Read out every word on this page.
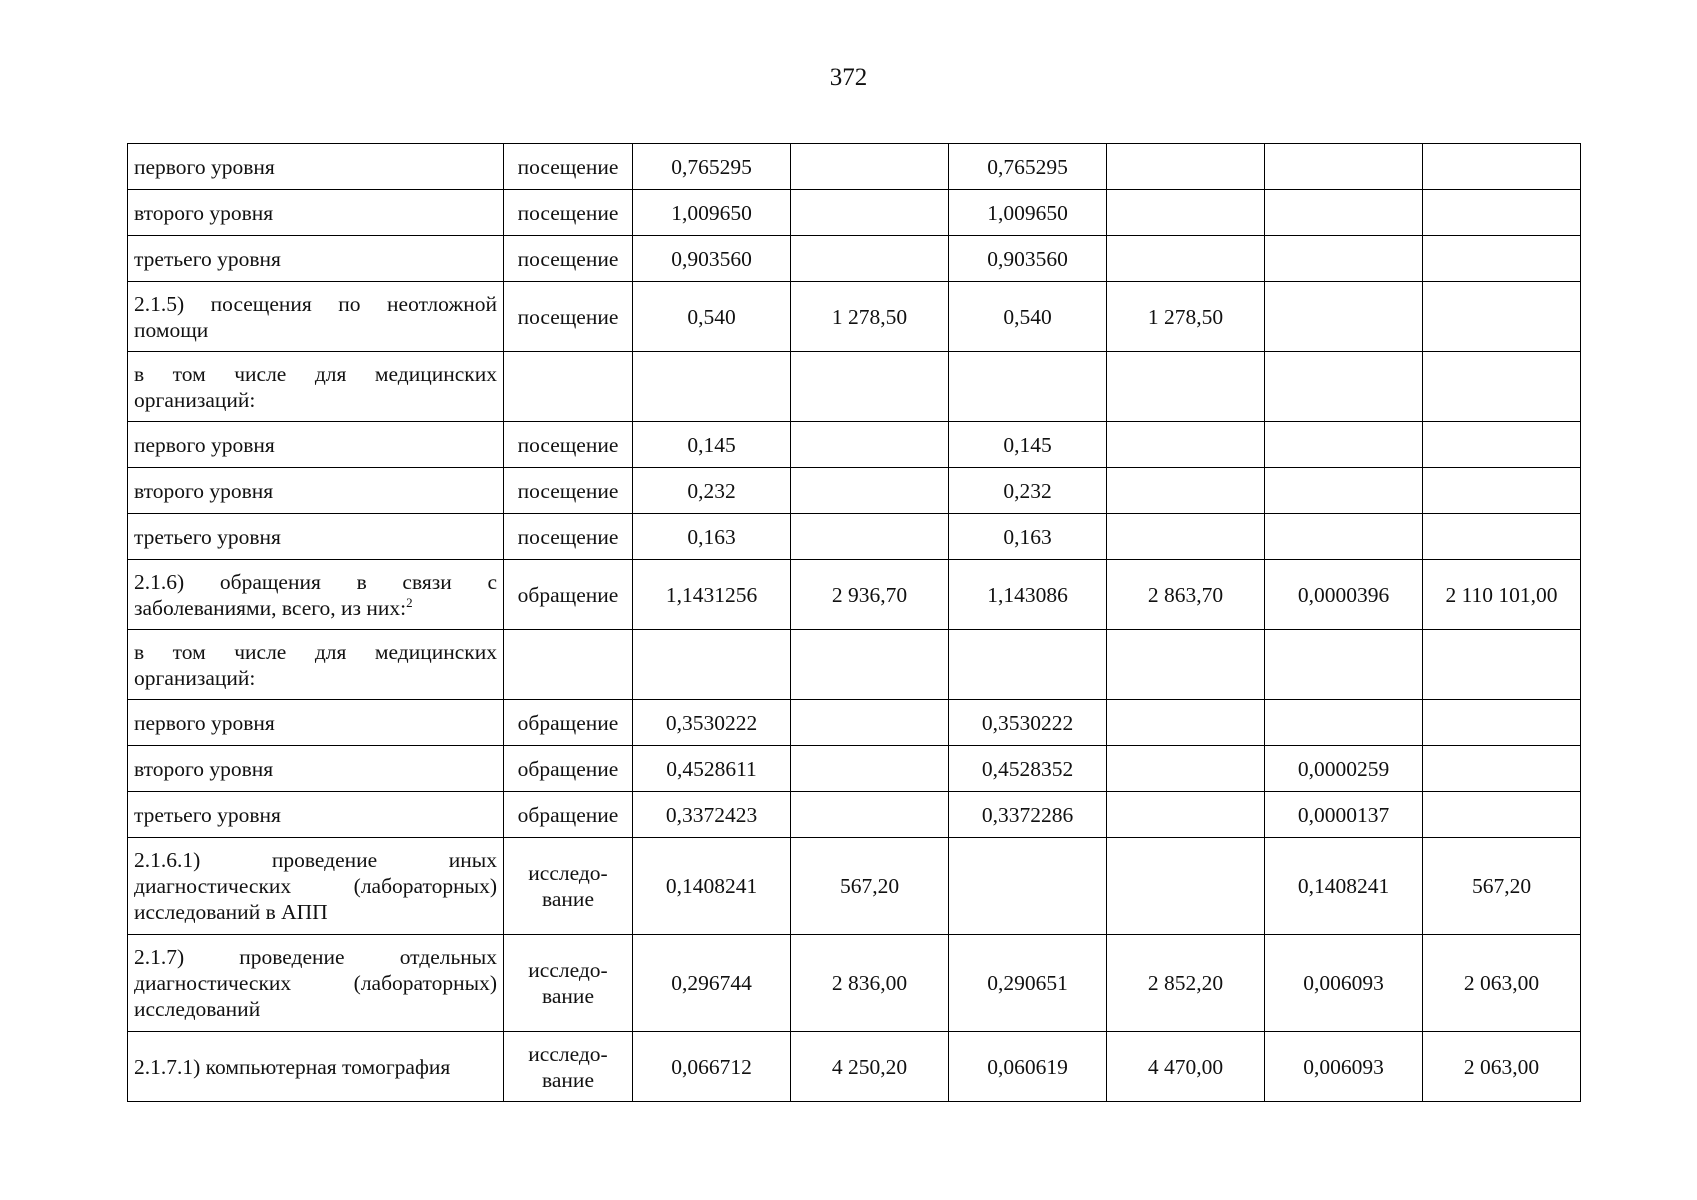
372
первого уровня	посещение	0,765295		0,765295			
второго уровня	посещение	1,009650		1,009650			
третьего уровня	посещение	0,903560		0,903560			
2.1.5) посещения по неотложной помощи	посещение	0,540	1 278,50	0,540	1 278,50		
в том числе для медицинских организаций:							
первого уровня	посещение	0,145		0,145			
второго уровня	посещение	0,232		0,232			
третьего уровня	посещение	0,163		0,163			
2.1.6) обращения в связи с заболеваниями, всего, из них:$^2$	обращение	1,1431256	2 936,70	1,143086	2 863,70	0,0000396	2 110 101,00
в том числе для медицинских организаций:							
первого уровня	обращение	0,3530222		0,3530222			
второго уровня	обращение	0,4528611		0,4528352		0,0000259	
третьего уровня	обращение	0,3372423		0,3372286		0,0000137	
2.1.6.1) проведение иных диагностических (лабораторных) исследований в АПП	исследо-вание	0,1408241	567,20			0,1408241	567,20
2.1.7) проведение отдельных диагностических (лабораторных) исследований	исследо-вание	0,296744	2 836,00	0,290651	2 852,20	0,006093	2 063,00
2.1.7.1) компьютерная томография	исследо-вание	0,066712	4 250,20	0,060619	4 470,00	0,006093	2 063,00
